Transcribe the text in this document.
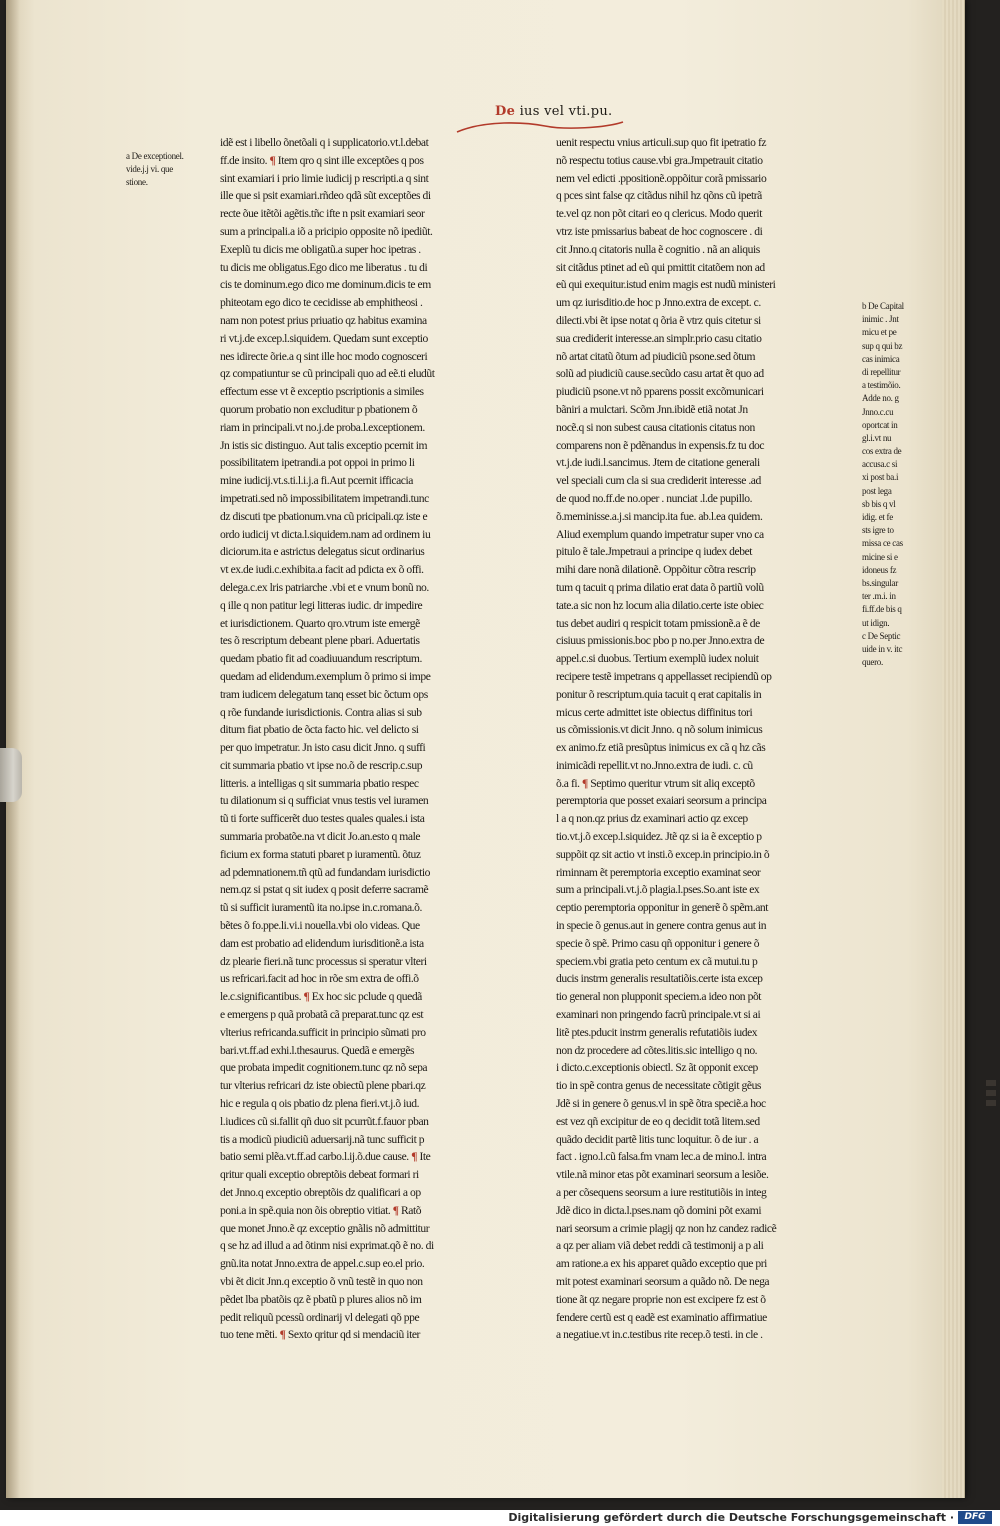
De ius vel vti.pu.
a De exceptionel.
vide.j.j vi. que
stione.
idẽ est i libello õnetõali q i supplicatorio.vt.l.debat
ff.de insito. ¶ Item qro q sint ille exceptões q pos
sint examiari i prio limie iudicij p rescripti.a q sint
ille que si psit examiari.rñdeo qdã sũt exceptões di
recte õue itẽtõi agẽtis.tñc ifte n psit examiari seor
sum a principali.a iõ a pricipio opposite nõ ipediũt.
Exeplũ tu dicis me obligatũ.a super hoc ipetras .
tu dicis me obligatus.Ego dico me liberatus . tu di
cis te dominum.ego dico me dominum.dicis te em
phiteotam ego dico te cecidisse ab emphitheosi .
nam non potest prius priuatio qz habitus examina
ri vt.j.de excep.l.siquidem. Quedam sunt exceptio
nes idirecte õrie.a q sint ille hoc modo cognosceri
qz compatiuntur se cũ principali quo ad eẽ.ti eludũt
effectum esse vt ẽ exceptio pscriptionis a similes
quorum probatio non excluditur p pbationem õ
riam in principali.vt no.j.de proba.l.exceptionem.
Jn istis sic distinguo. Aut talis exceptio pcernit im
possibilitatem ipetrandi.a pot oppoi in primo li
mine iudicij.vt.s.ti.l.i.j.a fi.Aut pcernit ifficacia
impetrati.sed nõ impossibilitatem impetrandi.tunc
dz discuti tpe pbationum.vna cũ pricipali.qz iste e
ordo iudicij vt dicta.l.siquidem.nam ad ordinem iu
diciorum.ita e astrictus delegatus sicut ordinarius
vt ex.de iudi.c.exhibita.a facit ad pdicta ex õ offi.
delega.c.ex lris patriarche .vbi et e vnum bonũ no.
q ille q non patitur legi litteras iudic. dr impedire
et iurisdictionem. Quarto qro.vtrum iste emergẽ
tes õ rescriptum debeant plene pbari. Aduertatis
quedam pbatio fit ad coadiuuandum rescriptum.
quedam ad elidendum.exemplum õ primo si impe
tram iudicem delegatum tanq esset bic õctum ops
q rõe fundande iurisdictionis. Contra alias si sub
ditum fiat pbatio de õcta facto hic. vel delicto si
per quo impetratur. Jn isto casu dicit Jnno. q suffi
cit summaria pbatio vt ipse no.õ de rescrip.c.sup
litteris. a intelligas q sit summaria pbatio respec
tu dilationum si q sufficiat vnus testis vel iuramen
tũ ti forte sufficerẽt duo testes quales quales.i ista
summaria probatõe.na vt dicit Jo.an.esto q male
ficium ex forma statuti pbaret p iuramentũ. õtuz
ad pdemnationem.tñ qtũ ad fundandam iurisdictio
nem.qz si pstat q sit iudex q posit deferre sacramẽ
tũ si sufficit iuramentũ ita no.ipse in.c.romana.õ.
bẽtes õ fo.ppe.li.vi.i nouella.vbi olo videas. Que
dam est probatio ad elidendum iurisditionẽ.a ista
dz plearie fieri.nã tunc processus si speratur vlteri
us refricari.facit ad hoc in rõe sm extra de offi.õ
le.c.significantibus. ¶ Ex hoc sic pclude q quedã
e emergens p quã probatã cã preparat.tunc qz est
vlterius refricanda.sufficit in principio sũmati pro
bari.vt.ff.ad exhi.l.thesaurus. Quedã e emergẽs
que probata impedit cognitionem.tunc qz nõ sepa
tur vlterius refricari dz iste obiectũ plene pbari.qz
hic e regula q ois pbatio dz plena fieri.vt.j.õ iud.
l.iudices cũ si.fallit qñ duo sit pcurrũt.f.fauor pban
tis a modicũ piudiciũ aduersarij.nã tunc sufficit p
batio semi plẽa.vt.ff.ad carbo.l.ij.õ.due cause. ¶ Ite
qritur quali exceptio obreptõis debeat formari ri
det Jnno.q exceptio obreptõis dz qualificari a op
poni.a in spẽ.quia non õis obreptio vitiat. ¶ Ratõ
que monet Jnno.ẽ qz exceptio gnãlis nõ admittitur
q se hz ad illud a ad õtinm nisi exprimat.qõ ẽ no. di
gnũ.ita notat Jnno.extra de appel.c.sup eo.el prio.
vbi ẽt dicit Jnn.q exceptio õ vnũ testẽ in quo non
pẽdet lba pbatõis qz ẽ pbatũ p plures alios nõ im
pedit reliquũ pcessũ ordinarij vl delegati qõ ppe
tuo tene mẽti. ¶ Sexto qritur qd si mendaciũ iter
uenit respectu vnius articuli.sup quo fit ipetratio fz
nõ respectu totius cause.vbi gra.Jmpetrauit citatio
nem vel edicti .ppositionẽ.oppõitur corã pmissario
q pces sint false qz citãdus nihil hz qõns cũ ipetrã
te.vel qz non põt citari eo q clericus. Modo querit
vtrz iste pmissarius babeat de hoc cognoscere . di
cit Jnno.q citatoris nulla ẽ cognitio . nã an aliquis
sit citãdus ptinet ad eũ qui pmittit citatõem non ad
eũ qui exequitur.istud enim magis est nudũ ministeri
um qz iurisditio.de hoc p Jnno.extra de except. c.
dilecti.vbi ẽt ipse notat q õria ẽ vtrz quis citetur si
sua crediderit interesse.an simplr.prio casu citatio
nõ artat citatũ õtum ad piudiciũ psone.sed õtum
solũ ad piudiciũ cause.secũdo casu artat ẽt quo ad
piudiciũ psone.vt nõ pparens possit excõmunicari
bãniri a mulctari. Scõm Jnn.ibidẽ etiã notat Jn
nocẽ.q si non subest causa citationis citatus non
comparens non ẽ pdẽnandus in expensis.fz tu doc
vt.j.de iudi.l.sancimus. Jtem de citatione generali
vel speciali cum cla si sua crediderit interesse .ad
de quod no.ff.de no.oper . nunciat .l.de pupillo.
õ.meminisse.a.j.si mancip.ita fue. ab.l.ea quidem.
Aliud exemplum quando impetratur super vno ca
pitulo ẽ tale.Jmpetraui a principe q iudex debet
mihi dare nonã dilationẽ. Oppõitur cõtra rescrip
tum q tacuit q prima dilatio erat data õ partiũ volũ
tate.a sic non hz locum alia dilatio.certe iste obiec
tus debet audiri q respicit totam pmissionẽ.a ẽ de
cisiuus pmissionis.boc pbo p no.per Jnno.extra de
appel.c.si duobus. Tertium exemplũ iudex noluit
recipere testẽ impetrans q appellasset recipiendũ op
ponitur õ rescriptum.quia tacuit q erat capitalis in
micus certe admittet iste obiectus diffinitus tori
us cõmissionis.vt dicit Jnno. q nõ solum inimicus
ex animo.fz etiã presũptus inimicus ex cã q hz cãs
inimicãdi repellit.vt no.Jnno.extra de iudi. c. cũ
õ.a fi. ¶ Septimo queritur vtrum sit aliq exceptõ
peremptoria que posset exaiari seorsum a principa
l a q non.qz prius dz examinari actio qz excep
tio.vt.j.õ excep.l.siquidez. Jtẽ qz si ia ẽ exceptio p
suppõit qz sit actio vt insti.õ excep.in principio.in õ
riminnam ẽt peremptoria exceptio examinat seor
sum a principali.vt.j.õ plagia.l.pses.So.ant iste ex
ceptio peremptoria opponitur in generẽ õ spẽm.ant
in specie õ genus.aut in genere contra genus aut in
specie õ spẽ. Primo casu qñ opponitur i genere õ
speciem.vbi gratia peto centum ex cã mutui.tu p
ducis instrm generalis resultatiõis.certe ista excep
tio general non plupponit speciem.a ideo non põt
examinari non pringendo facrũ principale.vt si ai
litẽ ptes.pducit instrm generalis refutatiõis iudex
non dz procedere ad cõtes.litis.sic intelligo q no.
i dicto.c.exceptionis obiectl. Sz ãt opponit excep
tio in spẽ contra genus de necessitate cõtigit gẽus
Jdẽ si in genere õ genus.vl in spẽ õtra speciẽ.a hoc
est vez qñ excipitur de eo q decidit totã litem.sed
quãdo decidit partẽ litis tunc loquitur. õ de iur . a
fact . igno.l.cũ falsa.fm vnam lec.a de mino.l. intra
vtile.nã minor etas põt examinari seorsum a lesiõe.
a per cõsequens seorsum a iure restitutiõis in integ
Jdẽ dico in dicta.l.pses.nam qõ domini põt exami
nari seorsum a crimie plagij qz non hz candez radicẽ
a qz per aliam viã debet reddi cã testimonij a p ali
am ratione.a ex his apparet quãdo exceptio que pri
mit potest examinari seorsum a quãdo nõ. De nega
tione ãt qz negare proprie non est excipere fz est õ
fendere certũ est q eadẽ est examinatio affirmatiue
a negatiue.vt in.c.testibus rite recep.õ testi. in cle .
b De Capital
inimic . Jnt
micu et pe
sup q qui bz
cas inimica
di repellitur
a testimõio.
Adde no. g
Jnno.c.cu
oportcat in
gl.i.vt nu
cos extra de
accusa.c si
xi post ba.i
post lega
sb bis q vl
idig. et fe
sts igre to
missa ce cas
micine si e
idoneus fz
bs.singular
ter .m.i. in
fi.ff.de bis q
ut idign.
c De Septic
uide in v. itc
quero.
Digitalisierung gefördert durch die Deutsche Forschungsgemeinschaft ·	DFG
